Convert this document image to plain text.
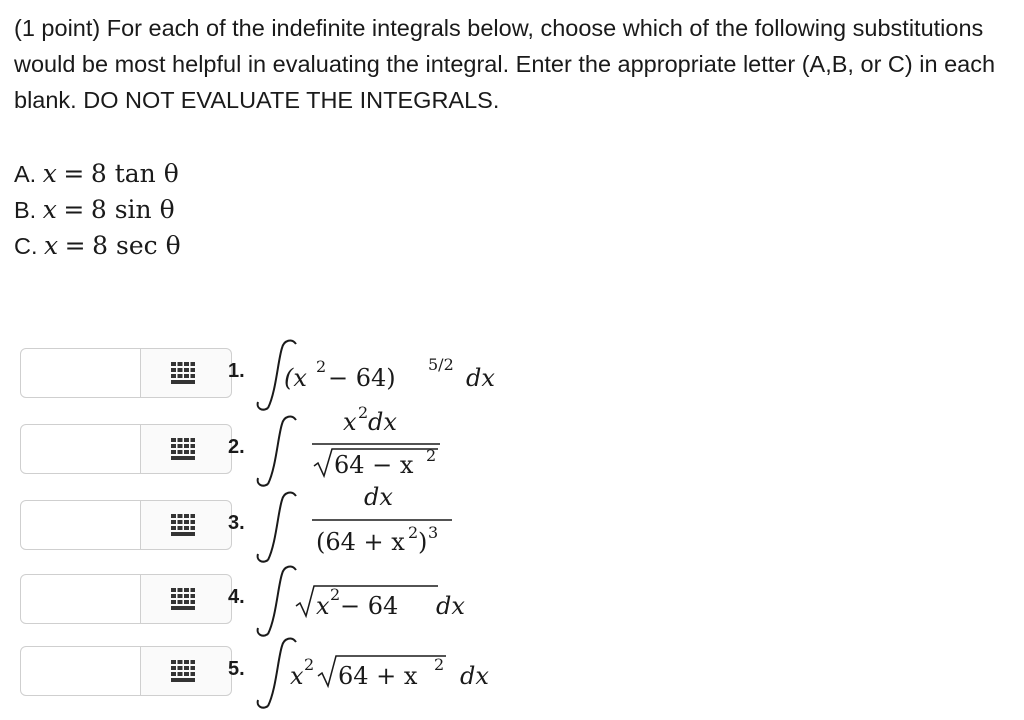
(1 point) For each of the indefinite integrals below, choose which of the following substitutions would be most helpful in evaluating the integral. Enter the appropriate letter (A,B, or C) in each blank. DO NOT EVALUATE THE INTEGRALS.
A. x = 8 tan θ
B. x = 8 sin θ
C. x = 8 sec θ
1. (x 2 − 64) 5/2 dx
2.
x 2 dx
64 − x 2
3.
dx
(64 + x 2 ) 3
4.	x 2 − 64 dx
5. x 2 64 + x 2 dx
